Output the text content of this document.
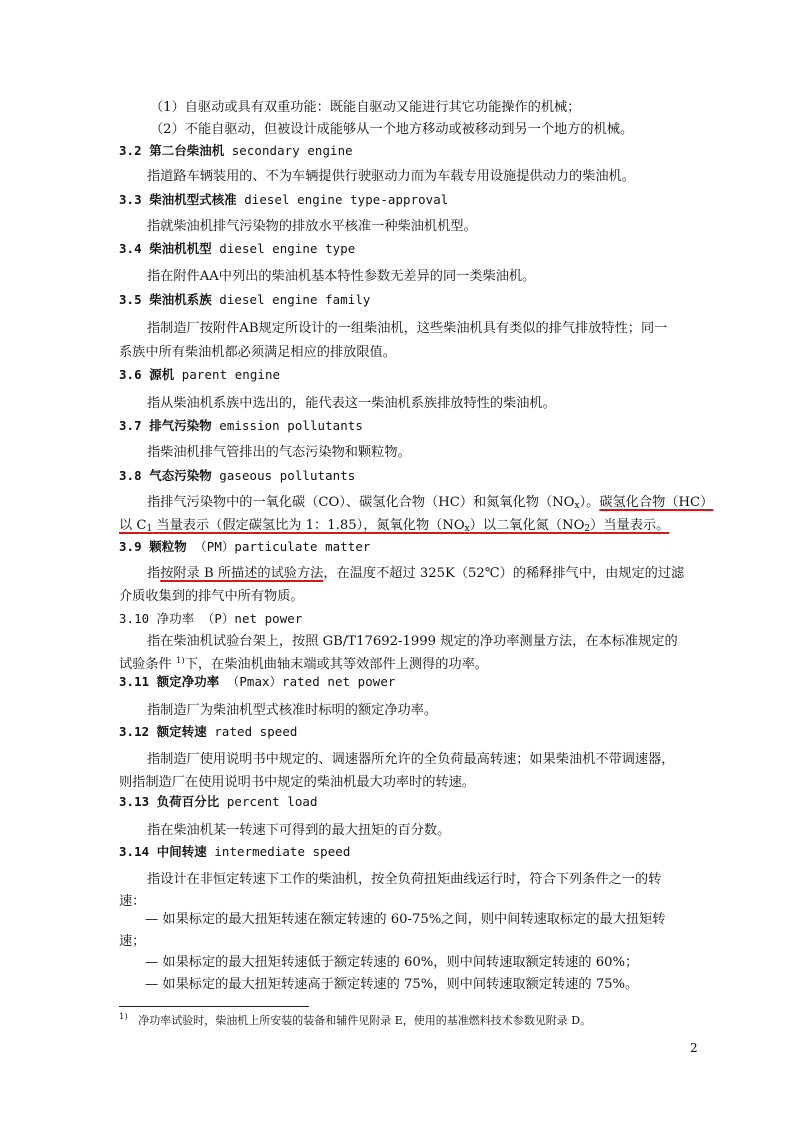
（1）自驱动或具有双重功能：既能自驱动又能进行其它功能操作的机械；
（2）不能自驱动，但被设计成能够从一个地方移动或被移动到另一个地方的机械。
3.2 第二台柴油机 secondary engine
指道路车辆装用的、不为车辆提供行驶驱动力而为车载专用设施提供动力的柴油机。
3.3 柴油机型式核准 diesel engine type-approval
指就柴油机排气污染物的排放水平核准一种柴油机机型。
3.4 柴油机机型 diesel engine type
指在附件AA中列出的柴油机基本特性参数无差异的同一类柴油机。
3.5 柴油机系族 diesel engine family
指制造厂按附件AB规定所设计的一组柴油机，这些柴油机具有类似的排气排放特性；同一
系族中所有柴油机都必须满足相应的排放限值。
3.6 源机 parent engine
指从柴油机系族中选出的，能代表这一柴油机系族排放特性的柴油机。
3.7 排气污染物 emission pollutants
指柴油机排气管排出的气态污染物和颗粒物。
3.8 气态污染物 gaseous pollutants
指排气污染物中的一氧化碳（CO）、碳氢化合物（HC）和氮氧化物$(NO_x)$。碳氢化合物（HC）
以 $C_1$ 当量表示（假定碳氢比为 1：1.85），氮氧化物$(NO_x)$以二氧化氮$(NO_2)$当量表示。
3.9 颗粒物 （PM）particulate matter
指按附录 B 所描述的试验方法，在温度不超过 325K（52℃）的稀释排气中，由规定的过滤
介质收集到的排气中所有物质。
3.10 净功率 （P）net power
指在柴油机试验台架上，按照 GB/T17692-1999 规定的净功率测量方法，在本标准规定的
试验条件 $^{1)}$下，在柴油机曲轴末端或其等效部件上测得的功率。
3.11 额定净功率 （Pmax）rated net power
指制造厂为柴油机型式核准时标明的额定净功率。
3.12 额定转速 rated speed
指制造厂使用说明书中规定的、调速器所允许的全负荷最高转速；如果柴油机不带调速器，
则指制造厂在使用说明书中规定的柴油机最大功率时的转速。
3.13 负荷百分比 percent load
指在柴油机某一转速下可得到的最大扭矩的百分数。
3.14 中间转速 intermediate speed
指设计在非恒定转速下工作的柴油机，按全负荷扭矩曲线运行时，符合下列条件之一的转
速：
— 如果标定的最大扭矩转速在额定转速的 60-75%之间，则中间转速取标定的最大扭矩转
速；
— 如果标定的最大扭矩转速低于额定转速的 60%，则中间转速取额定转速的 60%；
— 如果标定的最大扭矩转速高于额定转速的 75%，则中间转速取额定转速的 75%。
$^{1)}$ 净功率试验时，柴油机上所安装的装备和辅件见附录 E，使用的基准燃料技术参数见附录 D。
2
